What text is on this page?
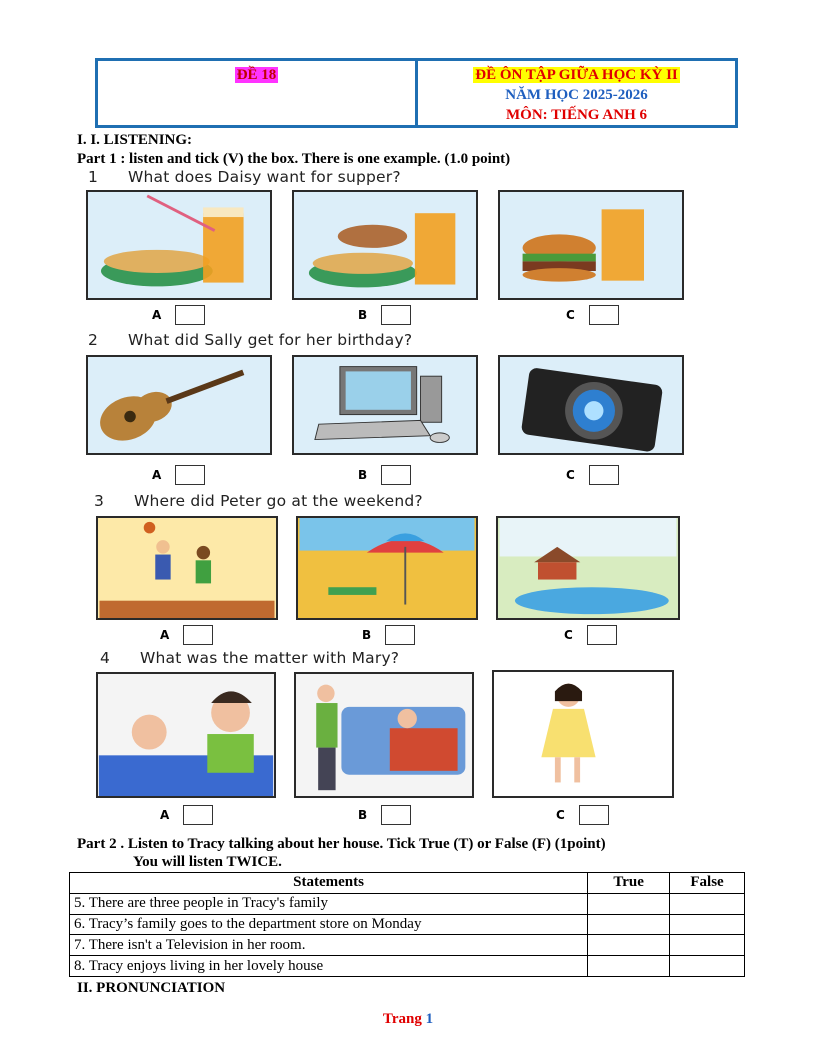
ĐỀ 18	ĐỀ ÔN TẬP GIỮA HỌC KỲ II
NĂM HỌC 2025-2026
MÔN: TIẾNG ANH 6
I. I. LISTENING:
Part 1 : listen and tick (V) the box. There is one example. (1.0 point)
1 What does Daisy want for supper?
A	B	C
2 What did Sally get for her birthday?
A	B	C
3 Where did Peter go at the weekend?
A	B	C
4 What was the matter with Mary?
A	B	C
Part 2 . Listen to Tracy talking about her house. Tick True (T) or False (F) (1point)
You will listen TWICE.
Statements	True	False
5. There are three people in Tracy's family		
6. Tracy’s family goes to the department store on Monday		
7. There isn't a Television in her room.		
8. Tracy enjoys living in her lovely house		
II. PRONUNCIATION
Trang 1
